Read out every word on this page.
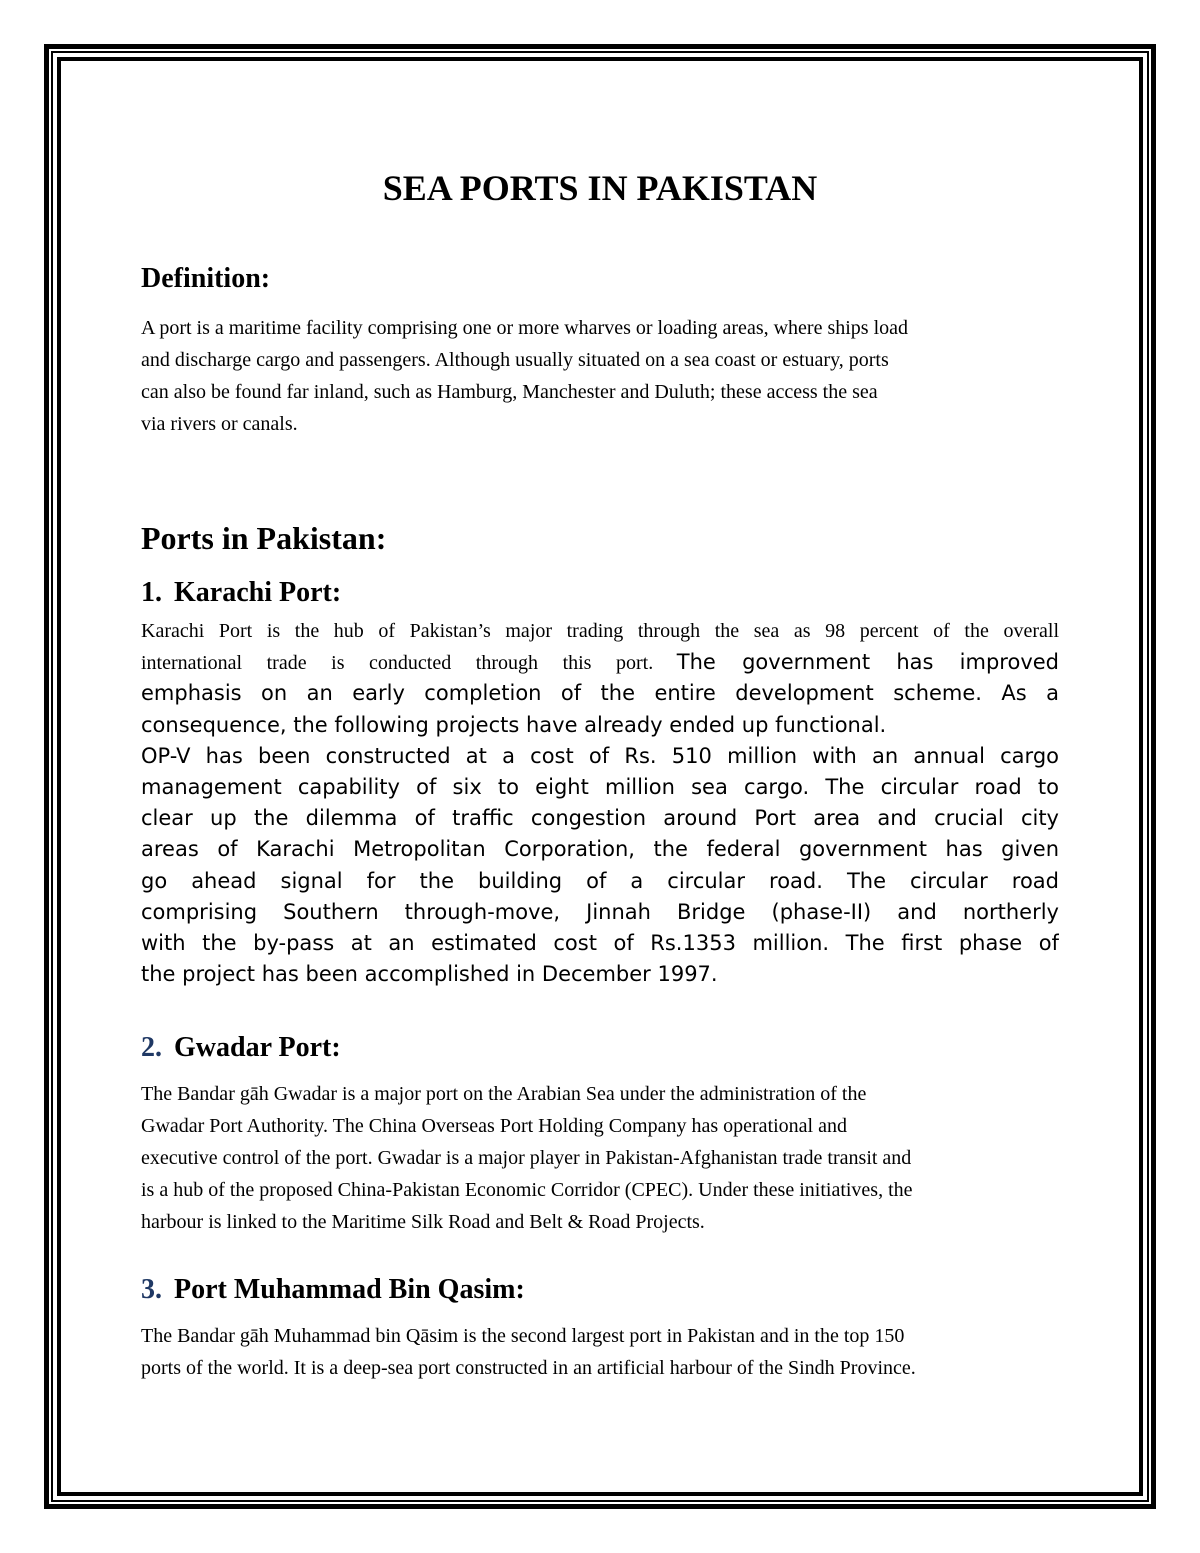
SEA PORTS IN PAKISTAN
Definition:

A port is a maritime facility comprising one or more wharves or loading areas, where ships load
and discharge cargo and passengers. Although usually situated on a sea coast or estuary, ports
can also be found far inland, such as Hamburg, Manchester and Duluth; these access the sea
via rivers or canals.

Ports in Pakistan:
1. Karachi Port:
Karachi Port is the hub of Pakistan’s major trading through the sea as 98 percent of the overall
international trade is conducted through this port. The government has improved
emphasis on an early completion of the entire development scheme. As a
consequence, the following projects have already ended up functional.
OP-V has been constructed at a cost of Rs. 510 million with an annual cargo
management capability of six to eight million sea cargo. The circular road to
clear up the dilemma of traffic congestion around Port area and crucial city
areas of Karachi Metropolitan Corporation, the federal government has given
go ahead signal for the building of a circular road. The circular road
comprising Southern through-move, Jinnah Bridge (phase-II) and northerly
with the by-pass at an estimated cost of Rs.1353 million. The first phase of
the project has been accomplished in December 1997.
2. Gwadar Port:

The Bandar gāh Gwadar is a major port on the Arabian Sea under the administration of the
Gwadar Port Authority. The China Overseas Port Holding Company has operational and
executive control of the port. Gwadar is a major player in Pakistan-Afghanistan trade transit and
is a hub of the proposed China-Pakistan Economic Corridor (CPEC). Under these initiatives, the
harbour is linked to the Maritime Silk Road and Belt & Road Projects.

3. Port Muhammad Bin Qasim:

The Bandar gāh Muhammad bin Qāsim is the second largest port in Pakistan and in the top 150
ports of the world. It is a deep-sea port constructed in an artificial harbour of the Sindh Province.
